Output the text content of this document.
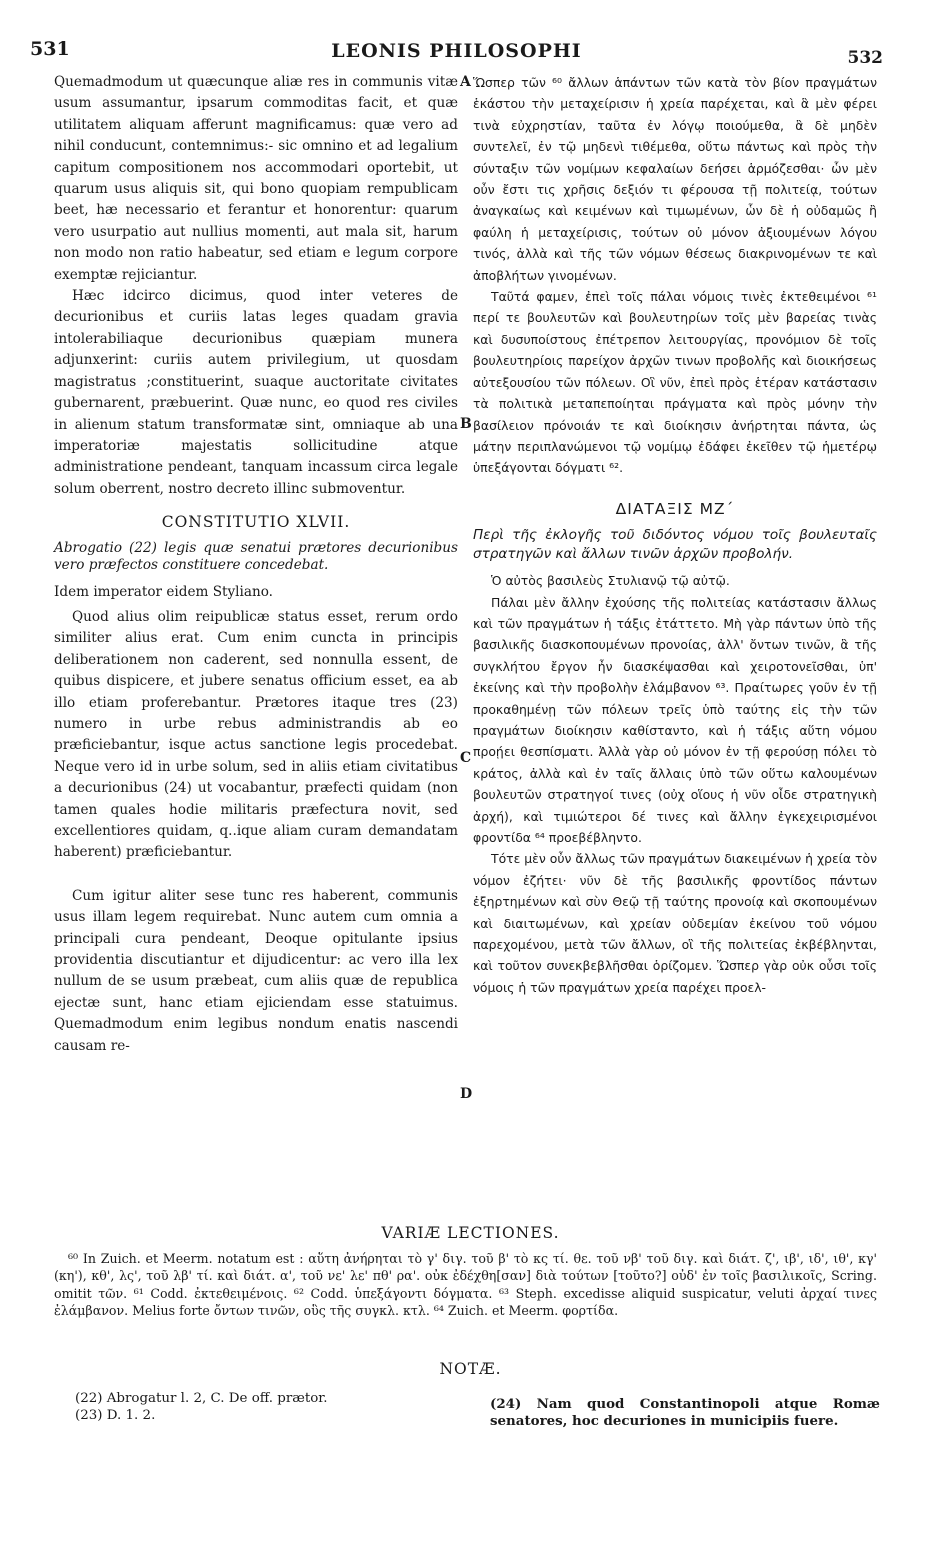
531	LEONIS PHILOSOPHI	532

Quemadmodum ut quæcunque aliæ res in communis vitæ usum assumantur, ipsarum commoditas facit, et quæ utilitatem aliquam afferunt magnificamus: quæ vero ad nihil conducunt, contemnimus:- sic omnino et ad legalium capitum compositionem nos accommodari oportebit, ut quarum usus aliquis sit, qui bono quopiam rempublicam beet, hæ necessario et ferantur et honorentur: quarum vero usurpatio aut nullius momenti, aut mala sit, harum non modo non ratio habeatur, sed etiam e legum corpore exemptæ rejiciantur.

Hæc idcirco dicimus, quod inter veteres de decurionibus et curiis latas leges quadam gravia intolerabiliaque decurionibus quæpiam munera adjunxerint: curiis autem privilegium, ut quosdam magistratus ;constituerint, suaque auctoritate civitates gubernarent, præbuerint. Quæ nunc, eo quod res civiles in alienum statum transformatæ sint, omniaque ab una imperatoriæ majestatis sollicitudine atque administratione pendeant, tanquam incassum circa legale solum oberrent, nostro decreto illinc submoventur.

CONSTITUTIO XLVII.
Abrogatio (22) legis quæ senatui prætores decurionibus vero præfectos constituere concedebat.

Idem imperator eidem Styliano.

Quod alius olim reipublicæ status esset, rerum ordo similiter alius erat. Cum enim cuncta in principis deliberationem non caderent, sed nonnulla essent, de quibus dispicere, et jubere senatus officium esset, ea ab illo etiam proferebantur. Prætores itaque tres (23) numero in urbe rebus administrandis ab eo præficiebantur, isque actus sanctione legis procedebat. Neque vero id in urbe solum, sed in aliis etiam civitatibus a decurionibus (24) ut vocabantur, præfecti quidam (non tamen quales hodie militaris præfectura novit, sed excellentiores quidam, q..ique aliam curam demandatam haberent) præficiebantur.

Cum igitur aliter sese tunc res haberent, communis usus illam legem requirebat. Nunc autem cum omnia a principali cura pendeant, Deoque opitulante ipsius providentia discutiantur et dijudicentur: ac vero illa lex nullum de se usum præbeat, cum aliis quæ de republica ejectæ sunt, hanc etiam ejiciendam esse statuimus. Quemadmodum enim legibus nondum enatis nascendi causam re-

A
B
C
D

Ὥσπερ τῶν ⁶⁰ ἄλλων ἁπάντων τῶν κατὰ τὸν βίον πραγμάτων ἑκάστου τὴν μεταχείρισιν ἡ χρεία παρέχεται, καὶ ἃ μὲν φέρει τινὰ εὐχρηστίαν, ταῦτα ἐν λόγῳ ποιούμεθα, ἃ δὲ μηδὲν συντελεῖ, ἐν τῷ μηδενὶ τιθέμεθα, οὕτω πάντως καὶ πρὸς τὴν σύνταξιν τῶν νομίμων κεφαλαίων δεήσει ἁρμόζεσθαι· ὧν μὲν οὖν ἔστι τις χρῆσις δεξιόν τι φέρουσα τῇ πολιτείᾳ, τούτων ἀναγκαίως καὶ κειμένων καὶ τιμωμένων, ὧν δὲ ἡ οὐδαμῶς ἢ φαύλη ἡ μεταχείρισις, τούτων οὐ μόνον ἀξιουμένων λόγου τινός, ἀλλὰ καὶ τῆς τῶν νόμων θέσεως διακρινομένων τε καὶ ἀποβλήτων γινομένων.

Ταῦτά φαμεν, ἐπεὶ τοῖς πάλαι νόμοις τινὲς ἐκτεθειμένοι ⁶¹ περί τε βουλευτῶν καὶ βουλευτηρίων τοῖς μὲν βαρείας τινὰς καὶ δυσυποίστους ἐπέτρεπον λειτουργίας, προνόμιον δὲ τοῖς βουλευτηρίοις παρείχον ἀρχῶν τινων προβολῆς καὶ διοικήσεως αὐτεξουσίου τῶν πόλεων. Οἳ νῦν, ἐπεὶ πρὸς ἑτέραν κατάστασιν τὰ πολιτικὰ μεταπεποίηται πράγματα καὶ πρὸς μόνην τὴν βασίλειον πρόνοιάν τε καὶ διοίκησιν ἀνήρτηται πάντα, ὡς μάτην περιπλανώμενοι τῷ νομίμῳ ἐδάφει ἐκεῖθεν τῷ ἡμετέρῳ ὑπεξάγονται δόγματι ⁶².

ΔΙΑΤΑΞΙΣ ΜΖ΄
Περὶ τῆς ἐκλογῆς τοῦ διδόντος νόμου τοῖς βουλευταῖς στρατηγῶν καὶ ἄλλων τινῶν ἀρχῶν προβολήν.

Ὁ αὐτὸς βασιλεὺς Στυλιανῷ τῷ αὐτῷ.

Πάλαι μὲν ἄλλην ἐχούσης τῆς πολιτείας κατάστασιν ἄλλως καὶ τῶν πραγμάτων ἡ τάξις ἐτάττετο. Μὴ γὰρ πάντων ὑπὸ τῆς βασιλικῆς διασκοπουμένων προνοίας, ἀλλ' ὄντων τινῶν, ἃ τῆς συγκλήτου ἔργον ἦν διασκέψασθαι καὶ χειροτονεῖσθαι, ὑπ' ἐκείνης καὶ τὴν προβολὴν ἐλάμβανον ⁶³. Πραίτωρες γοῦν ἐν τῇ προκαθημένῃ τῶν πόλεων τρεῖς ὑπὸ ταύτης εἰς τὴν τῶν πραγμάτων διοίκησιν καθίσταντο, καὶ ἡ τάξις αὕτη νόμου προῄει θεσπίσματι. Ἀλλὰ γὰρ οὐ μόνον ἐν τῇ φερούσῃ πόλει τὸ κράτος, ἀλλὰ καὶ ἐν ταῖς ἄλλαις ὑπὸ τῶν οὕτω καλουμένων βουλευτῶν στρατηγοί τινες (οὐχ οἵους ἡ νῦν οἶδε στρατηγικὴ ἀρχή), καὶ τιμιώτεροι δέ τινες καὶ ἄλλην ἐγκεχειρισμένοι φροντίδα ⁶⁴ προεβέβληντο.

Τότε μὲν οὖν ἄλλως τῶν πραγμάτων διακειμένων ἡ χρεία τὸν νόμον ἐζήτει· νῦν δὲ τῆς βασιλικῆς φροντίδος πάντων ἐξηρτημένων καὶ σὺν Θεῷ τῇ ταύτης προνοίᾳ καὶ σκοπουμένων καὶ διαιτωμένων, καὶ χρείαν οὐδεμίαν ἐκείνου τοῦ νόμου παρεχομένου, μετὰ τῶν ἄλλων, οἳ τῆς πολιτείας ἐκβέβληνται, καὶ τοῦτον συνεκβεβλῆσθαι ὁρίζομεν. Ὥσπερ γὰρ οὐκ οὖσι τοῖς νόμοις ἡ τῶν πραγμάτων χρεία παρέχει προελ-

VARIÆ LECTIONES.

⁶⁰ In Zuich. et Meerm. notatum est : αὕτη ἀνήρηται τὸ γ' διγ. τοῦ β' τὸ κς τί. θε. τοῦ νβ' τοῦ διγ. καὶ διάτ. ζ', ιβ', ιδ', ιθ', κγ' (κη'), κθ', λς', τοῦ λβ' τί. καὶ διάτ. α', τοῦ νε' λε' πθ' ρα'. οὐκ ἐδέχθη[σαν] διὰ τούτων [τοῦτο?] οὐδ' ἐν τοῖς βασιλικοῖς, Scring. omitit τῶν. ⁶¹ Codd. ἐκτεθειμένοις. ⁶² Codd. ὑπεξάγοντι δόγματα. ⁶³ Steph. excedisse aliquid suspicatur, veluti ἀρχαί τινες ἐλάμβανον. Melius forte ὄντων τινῶν, οὓς τῆς συγκλ. κτλ. ⁶⁴ Zuich. et Meerm. φορτίδα.

NOTÆ.

(22) Abrogatur l. 2, C. De off. prætor.

(23) D. 1. 2.

(24) Nam quod Constantinopoli atque Romæ senatores, hoc decuriones in municipiis fuere.
